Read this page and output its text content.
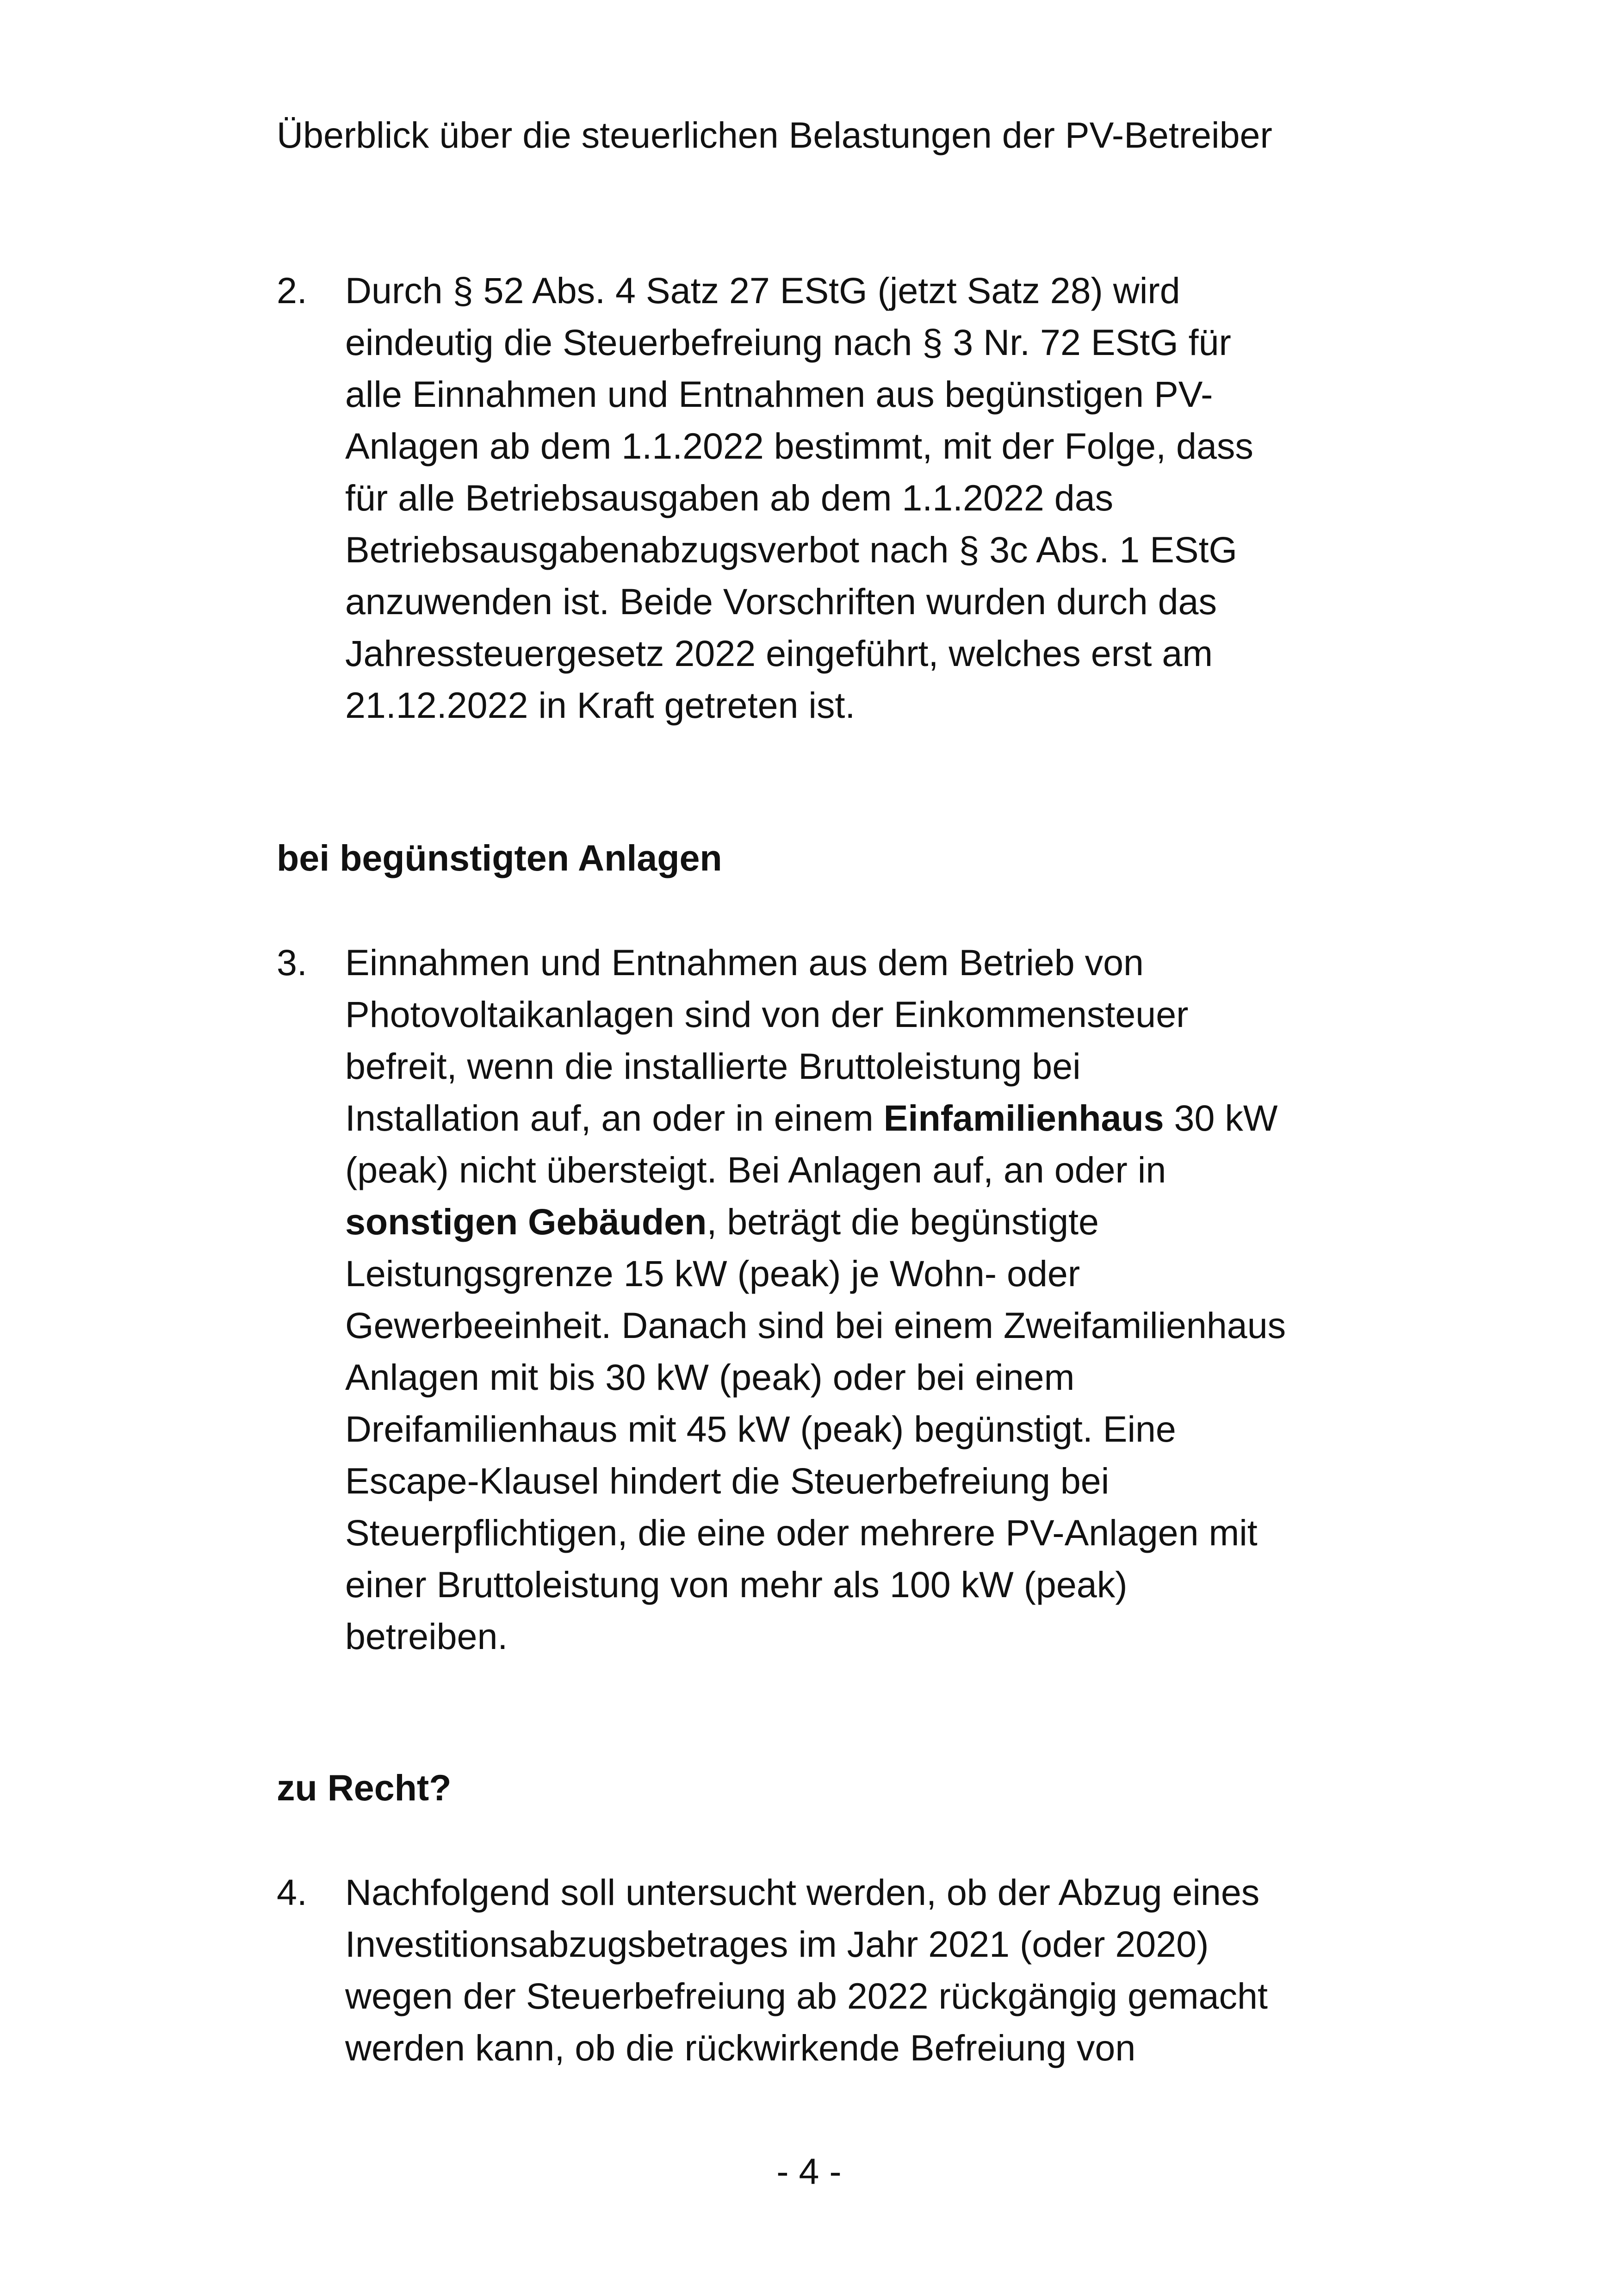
Überblick über die steuerlichen Belastungen der PV-Betreiber
2. Durch § 52 Abs. 4 Satz 27 EStG (jetzt Satz 28) wird
eindeutig die Steuerbefreiung nach § 3 Nr. 72 EStG für
alle Einnahmen und Entnahmen aus begünstigen PV-
Anlagen ab dem 1.1.2022 bestimmt, mit der Folge, dass
für alle Betriebsausgaben ab dem 1.1.2022 das
Betriebsausgabenabzugsverbot nach § 3c Abs. 1 EStG
anzuwenden ist. Beide Vorschriften wurden durch das
Jahressteuergesetz 2022 eingeführt, welches erst am
21.12.2022 in Kraft getreten ist.
bei begünstigten Anlagen
3. Einnahmen und Entnahmen aus dem Betrieb von
Photovoltaikanlagen sind von der Einkommensteuer
befreit, wenn die installierte Bruttoleistung bei
Installation auf, an oder in einem Einfamilienhaus 30 kW
(peak) nicht übersteigt. Bei Anlagen auf, an oder in
sonstigen Gebäuden, beträgt die begünstigte
Leistungsgrenze 15 kW (peak) je Wohn- oder
Gewerbeeinheit. Danach sind bei einem Zweifamilienhaus
Anlagen mit bis 30 kW (peak) oder bei einem
Dreifamilienhaus mit 45 kW (peak) begünstigt. Eine
Escape-Klausel hindert die Steuerbefreiung bei
Steuerpflichtigen, die eine oder mehrere PV-Anlagen mit
einer Bruttoleistung von mehr als 100 kW (peak)
betreiben.
zu Recht?
4. Nachfolgend soll untersucht werden, ob der Abzug eines
Investitionsabzugsbetrages im Jahr 2021 (oder 2020)
wegen der Steuerbefreiung ab 2022 rückgängig gemacht
werden kann, ob die rückwirkende Befreiung von
- 4 -
